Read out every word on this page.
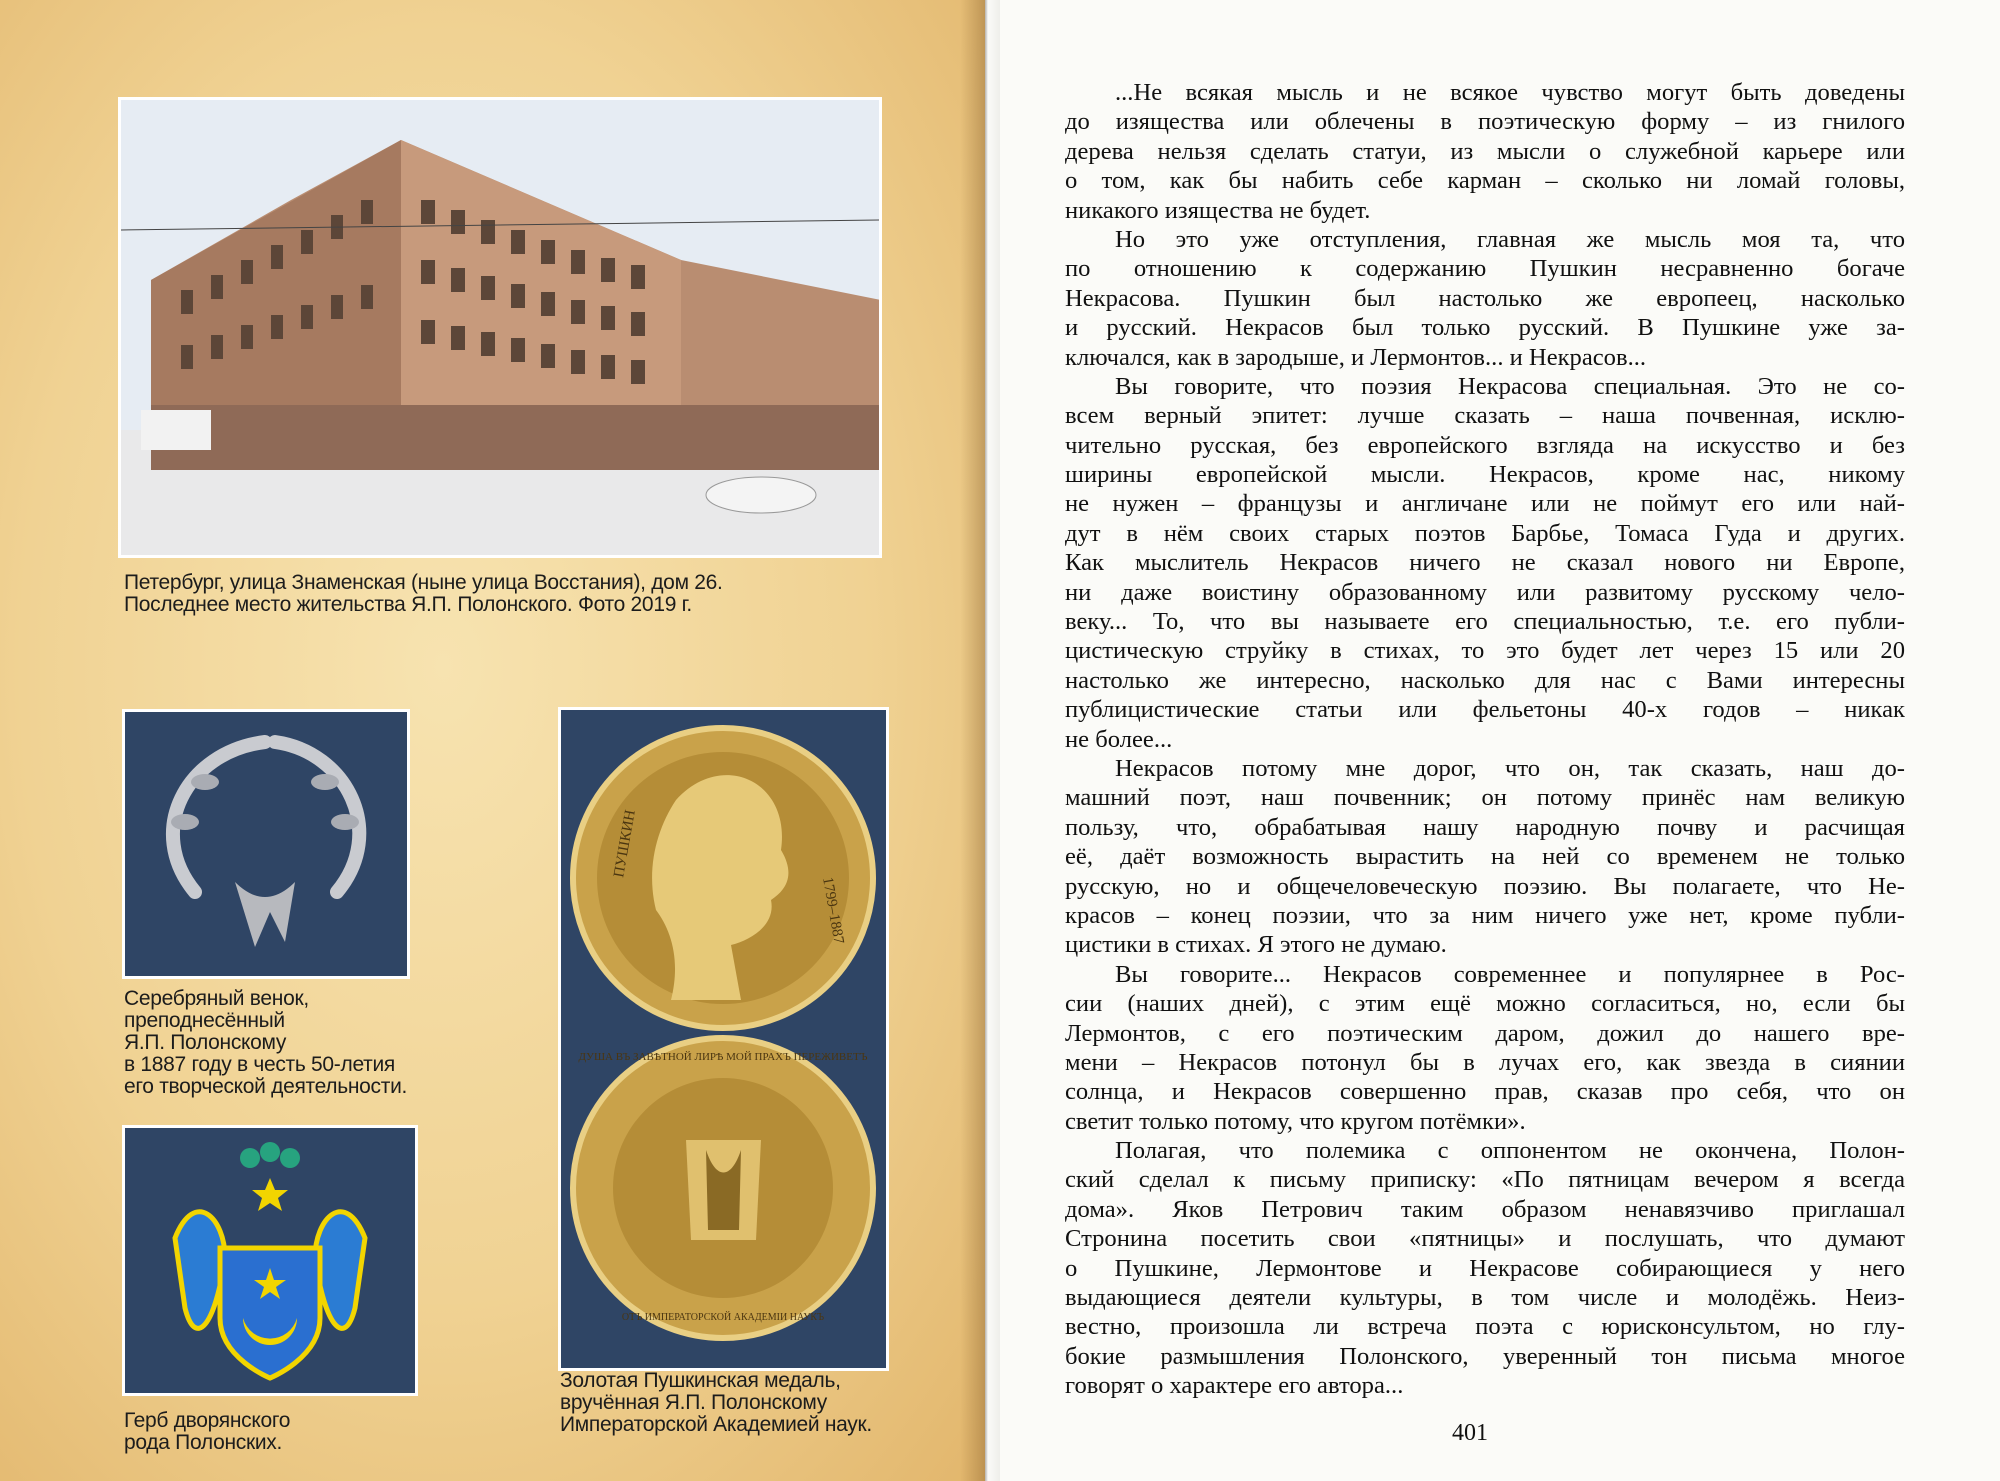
Петербург, улица Знаменская (ныне улица Восстания), дом 26.
Последнее место жительства Я.П. Полонского. Фото 2019 г.
Серебряный венок,
преподнесённый
Я.П. Полонскому
в 1887 году в честь 50-летия
его творческой деятельности.
Герб дворянского
рода Полонских.
ПУШКИН
1799–1887
ДУША ВЪ ЗАВѢТНОЙ ЛИРѢ МОЙ ПРАХЪ ПЕРЕЖИВЕТЪ
ОТЪ ИМПЕРАТОРСКОЙ АКАДЕМІИ НАУКЪ
Золотая Пушкинская медаль,
вручённая Я.П. Полонскому
Императорской Академией наук.
...Не всякая мысль и не всякое чувство могут быть доведены
до изящества или облечены в поэтическую форму – из гнилого
дерева нельзя сделать статуи, из мысли о служебной карьере или
о том, как бы набить себе карман – сколько ни ломай головы,
никакого изящества не будет.
Но это уже отступления, главная же мысль моя та, что
по отношению к содержанию Пушкин несравненно богаче
Некрасова. Пушкин был настолько же европеец, насколько
и русский. Некрасов был только русский. В Пушкине уже за-
ключался, как в зародыше, и Лермонтов... и Некрасов...
Вы говорите, что поэзия Некрасова специальная. Это не со-
всем верный эпитет: лучше сказать – наша почвенная, исклю-
чительно русская, без европейского взгляда на искусство и без
ширины европейской мысли. Некрасов, кроме нас, никому
не нужен – французы и англичане или не поймут его или най-
дут в нём своих старых поэтов Барбье, Томаса Гуда и других.
Как мыслитель Некрасов ничего не сказал нового ни Европе,
ни даже воистину образованному или развитому русскому чело-
веку... То, что вы называете его специальностью, т.е. его публи-
цистическую струйку в стихах, то это будет лет через 15 или 20
настолько же интересно, насколько для нас с Вами интересны
публицистические статьи или фельетоны 40-х годов – никак
не более...
Некрасов потому мне дорог, что он, так сказать, наш до-
машний поэт, наш почвенник; он потому принёс нам великую
пользу, что, обрабатывая нашу народную почву и расчищая
её, даёт возможность вырастить на ней со временем не только
русскую, но и общечеловеческую поэзию. Вы полагаете, что Не-
красов – конец поэзии, что за ним ничего уже нет, кроме публи-
цистики в стихах. Я этого не думаю.
Вы говорите... Некрасов современнее и популярнее в Рос-
сии (наших дней), с этим ещё можно согласиться, но, если бы
Лермонтов, с его поэтическим даром, дожил до нашего вре-
мени – Некрасов потонул бы в лучах его, как звезда в сиянии
солнца, и Некрасов совершенно прав, сказав про себя, что он
светит только потому, что кругом потёмки».
Полагая, что полемика с оппонентом не окончена, Полон-
ский сделал к письму приписку: «По пятницам вечером я всегда
дома». Яков Петрович таким образом ненавязчиво приглашал
Стронина посетить свои «пятницы» и послушать, что думают
о Пушкине, Лермонтове и Некрасове собирающиеся у него
выдающиеся деятели культуры, в том числе и молодёжь. Неиз-
вестно, произошла ли встреча поэта с юрисконсультом, но глу-
бокие размышления Полонского, уверенный тон письма многое
говорят о характере его автора...
401
